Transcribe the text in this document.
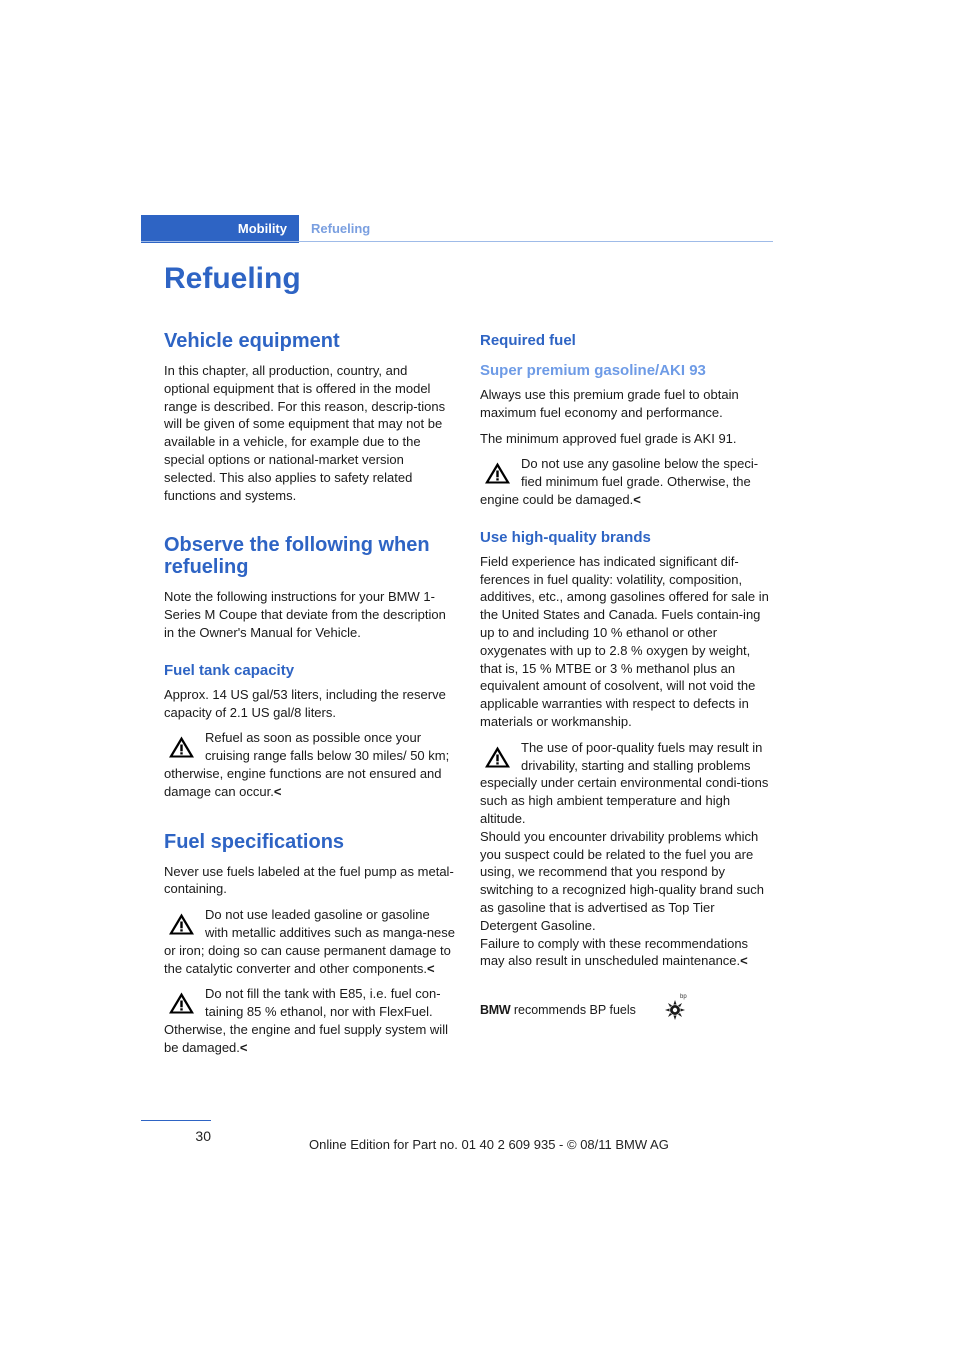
Mobility	Refueling
Refueling
Vehicle equipment

In this chapter, all production, country, and optional equipment that is offered in the model range is described. For this reason, descrip-tions will be given of some equipment that may not be available in a vehicle, for example due to the special options or national-market version selected. This also applies to safety related functions and systems.

Observe the following when refueling

Note the following instructions for your BMW 1-Series M Coupe that deviate from the description in the Owner's Manual for Vehicle.

Fuel tank capacity

Approx. 14 US gal/53 liters, including the reserve capacity of 2.1 US gal/8 liters.

Refuel as soon as possible once your cruising range falls below 30 miles/ 50 km; otherwise, engine functions are not ensured and damage can occur.<
Fuel specifications

Never use fuels labeled at the fuel pump as metal-containing.

Do not use leaded gasoline or gasoline with metallic additives such as manga-nese or iron; doing so can cause permanent damage to the catalytic converter and other components.<
Do not fill the tank with E85, i.e. fuel con-taining 85 % ethanol, nor with FlexFuel. Otherwise, the engine and fuel supply system will be damaged.<
Required fuel
Super premium gasoline/AKI 93

Always use this premium grade fuel to obtain maximum fuel economy and performance.

The minimum approved fuel grade is AKI 91.

Do not use any gasoline below the speci-fied minimum fuel grade. Otherwise, the engine could be damaged.<
Use high-quality brands

Field experience has indicated significant dif-ferences in fuel quality: volatility, composition, additives, etc., among gasolines offered for sale in the United States and Canada. Fuels contain-ing up to and including 10 % ethanol or other oxygenates with up to 2.8 % oxygen by weight, that is, 15 % MTBE or 3 % methanol plus an equivalent amount of cosolvent, will not void the applicable warranties with respect to defects in materials or workmanship.

The use of poor-quality fuels may result in drivability, starting and stalling problems especially under certain environmental condi-tions such as high ambient temperature and high altitude.
Should you encounter drivability problems which you suspect could be related to the fuel you are using, we recommend that you respond by switching to a recognized high-quality brand such as gasoline that is advertised as Top Tier Detergent Gasoline.
Failure to comply with these recommendations may also result in unscheduled maintenance.<
BMW recommends BP fuels
bp
30
Online Edition for Part no. 01 40 2 609 935 - © 08/11 BMW AG
